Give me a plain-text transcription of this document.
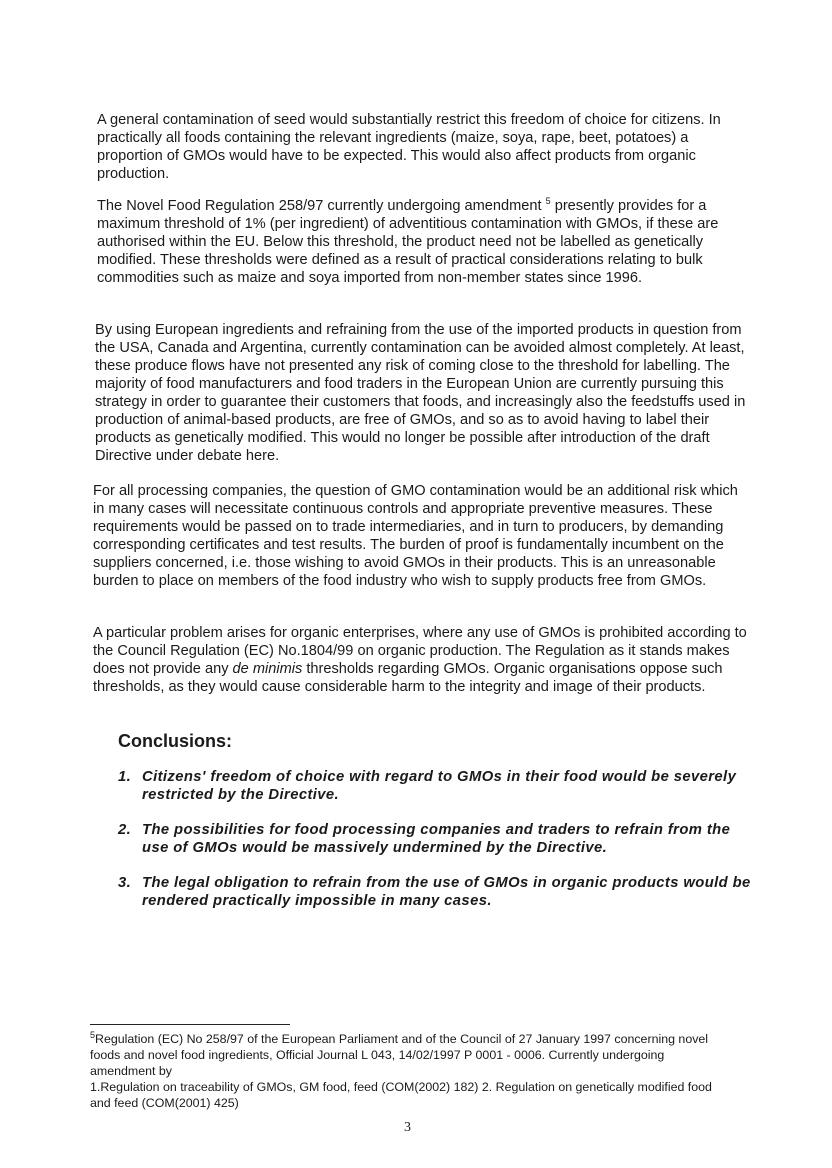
A general contamination of seed would substantially restrict this freedom of choice for citizens. In practically all foods containing the relevant ingredients (maize, soya, rape, beet, potatoes) a proportion of GMOs would have to be expected. This would also affect products from organic production.

The Novel Food Regulation 258/97 currently undergoing amendment $^5$ presently provides for a maximum threshold of 1% (per ingredient) of adventitious contamination with GMOs, if these are authorised within the EU. Below this threshold, the product need not be labelled as genetically modified. These thresholds were defined as a result of practical considerations relating to bulk commodities such as maize and soya imported from non-member states since 1996.

By using European ingredients and refraining from the use of the imported products in question from the USA, Canada and Argentina, currently contamination can be avoided almost completely. At least, these produce flows have not presented any risk of coming close to the threshold for labelling. The majority of food manufacturers and food traders in the European Union are currently pursuing this strategy in order to guarantee their customers that foods, and increasingly also the feedstuffs used in production of animal-based products, are free of GMOs, and so as to avoid having to label their products as genetically modified. This would no longer be possible after introduction of the draft Directive under debate here.

For all processing companies, the question of GMO contamination would be an additional risk which in many cases will necessitate continuous controls and appropriate preventive measures. These requirements would be passed on to trade intermediaries, and in turn to producers, by demanding corresponding certificates and test results. The burden of proof is fundamentally incumbent on the suppliers concerned, i.e. those wishing to avoid GMOs in their products. This is an unreasonable burden to place on members of the food industry who wish to supply products free from GMOs.

A particular problem arises for organic enterprises, where any use of GMOs is prohibited according to the Council Regulation (EC) No.1804/99 on organic production. The Regulation as it stands makes does not provide any de minimis thresholds regarding GMOs. Organic organisations oppose such thresholds, as they would cause considerable harm to the integrity and image of their products.

Conclusions:
1. Citizens' freedom of choice with regard to GMOs in their food would be severely restricted by the Directive.
2. The possibilities for food processing companies and traders to refrain from the use of GMOs would be massively undermined by the Directive.
3. The legal obligation to refrain from the use of GMOs in organic products would be rendered practically impossible in many cases.

$^5$Regulation (EC) No 258/97 of the European Parliament and of the Council of 27 January 1997 concerning novel foods and novel food ingredients, Official Journal L 043, 14/02/1997 P 0001 - 0006. Currently undergoing amendment by
1.Regulation on traceability of GMOs, GM food, feed (COM(2002) 182) 2. Regulation on genetically modified food and feed (COM(2001) 425)

3
